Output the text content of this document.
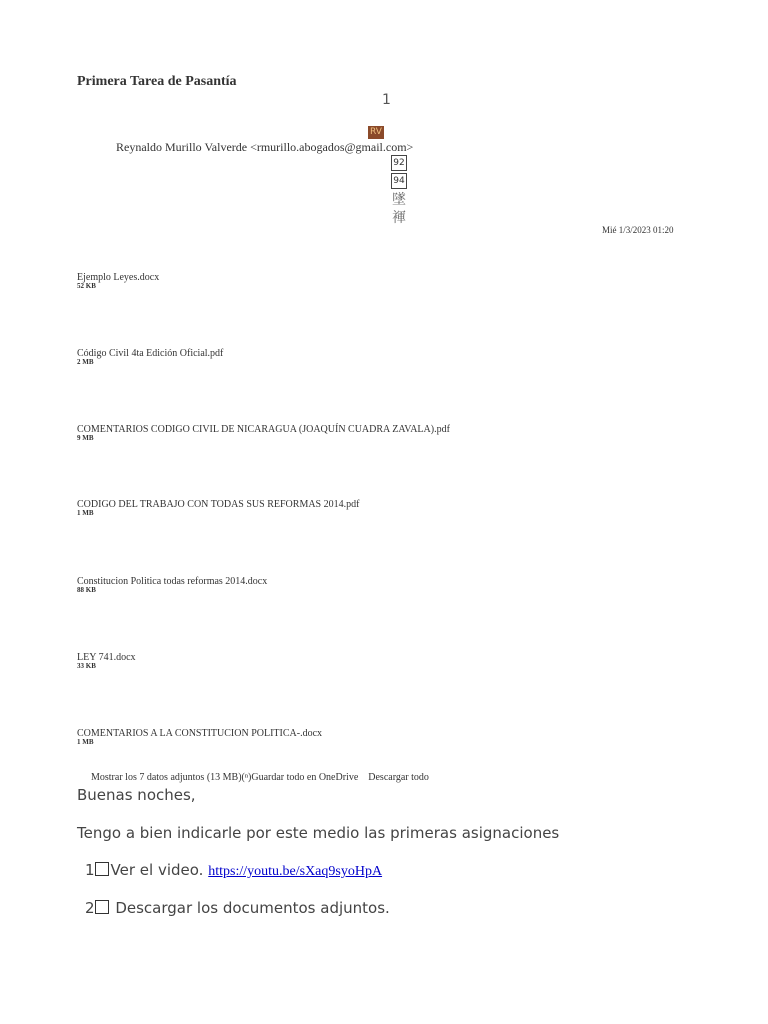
Primera Tarea de Pasantía
1
RV
Reynaldo Murillo Valverde <rmurillo.abogados@gmail.com>
92
94
墜
褌
Mié 1/3/2023 01:20
Ejemplo Leyes.docx
52 KB
Código Civil 4ta Edición Oficial.pdf
2 MB
COMENTARIOS CODIGO CIVIL DE NICARAGUA (JOAQUÍN CUADRA ZAVALA).pdf
9 MB
CODIGO DEL TRABAJO CON TODAS SUS REFORMAS 2014.pdf
1 MB
Constitucion Politica todas reformas 2014.docx
88 KB
LEY 741.docx
33 KB
COMENTARIOS A LA CONSTITUCION POLITICA-.docx
1 MB
Mostrar los 7 datos adjuntos (13 MB)(ⁿ)Guardar todo en OneDrive Descargar todo
Buenas noches,
Tengo a bien indicarle por este medio las primeras asignaciones
1 Ver el video. https://youtu.be/sXaq9syoHpA
2 Descargar los documentos adjuntos.
